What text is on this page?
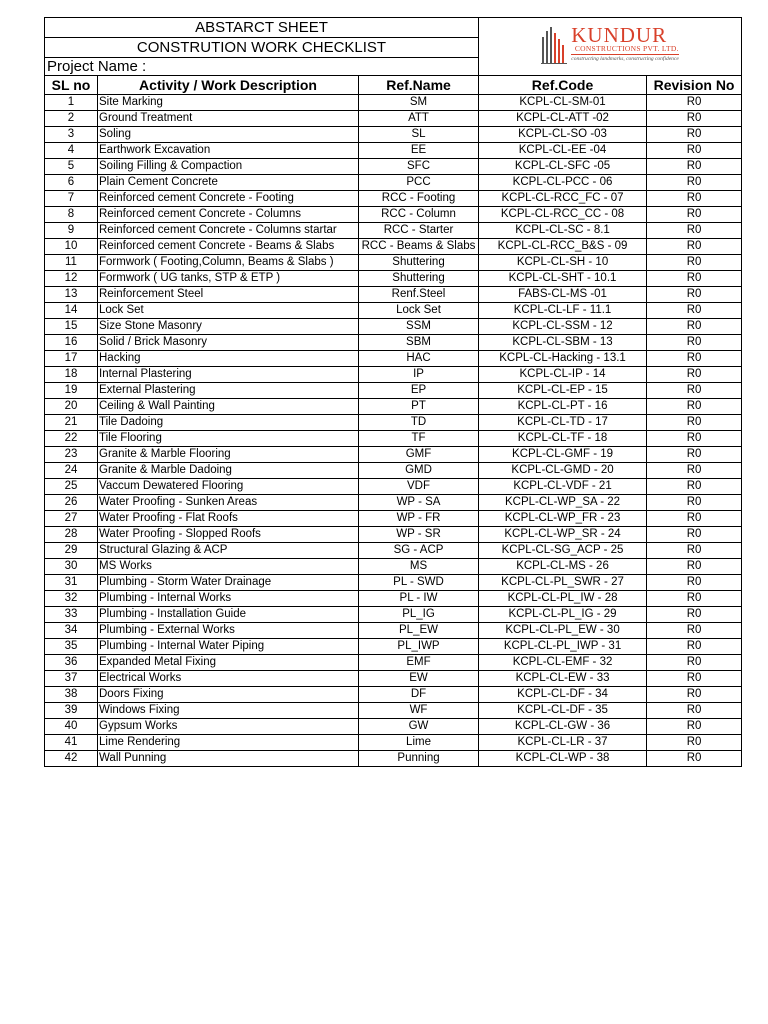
ABSTARCT SHEET			KUNDUR
CONSTRUCTIONS PVT. LTD.
constructing landmarks, constructing confidence	

CONSTRUTION WORK CHECKLIST				
Project Name :				
SL no	Activity / Work Description	Ref.Name	Ref.Code	Revision No
1	Site Marking	SM	KCPL-CL-SM-01	R0
2	Ground Treatment	ATT	KCPL-CL-ATT -02	R0
3	Soling	SL	KCPL-CL-SO -03	R0
4	Earthwork Excavation	EE	KCPL-CL-EE -04	R0
5	Soiling Filling & Compaction	SFC	KCPL-CL-SFC -05	R0
6	Plain Cement Concrete	PCC	KCPL-CL-PCC - 06	R0
7	Reinforced cement Concrete - Footing	RCC - Footing	KCPL-CL-RCC_FC - 07	R0
8	Reinforced cement Concrete - Columns	RCC - Column	KCPL-CL-RCC_CC - 08	R0
9	Reinforced cement Concrete - Columns startar	RCC - Starter	KCPL-CL-SC - 8.1	R0
10	Reinforced cement Concrete - Beams & Slabs	RCC - Beams & Slabs	KCPL-CL-RCC_B&S - 09	R0
11	Formwork ( Footing,Column, Beams & Slabs )	Shuttering	KCPL-CL-SH - 10	R0
12	Formwork ( UG tanks, STP & ETP )	Shuttering	KCPL-CL-SHT - 10.1	R0
13	Reinforcement Steel	Renf.Steel	FABS-CL-MS -01	R0
14	Lock Set	Lock Set	KCPL-CL-LF - 11.1	R0
15	Size Stone Masonry	SSM	KCPL-CL-SSM - 12	R0
16	Solid / Brick Masonry	SBM	KCPL-CL-SBM - 13	R0
17	Hacking	HAC	KCPL-CL-Hacking - 13.1	R0
18	Internal Plastering	IP	KCPL-CL-IP - 14	R0
19	External Plastering	EP	KCPL-CL-EP - 15	R0
20	Ceiling & Wall Painting	PT	KCPL-CL-PT - 16	R0
21	Tile Dadoing	TD	KCPL-CL-TD - 17	R0
22	Tile Flooring	TF	KCPL-CL-TF - 18	R0
23	Granite & Marble Flooring	GMF	KCPL-CL-GMF - 19	R0
24	Granite & Marble Dadoing	GMD	KCPL-CL-GMD - 20	R0
25	Vaccum Dewatered Flooring	VDF	KCPL-CL-VDF - 21	R0
26	Water Proofing - Sunken Areas	WP - SA	KCPL-CL-WP_SA - 22	R0
27	Water Proofing - Flat Roofs	WP - FR	KCPL-CL-WP_FR - 23	R0
28	Water Proofing - Slopped Roofs	WP - SR	KCPL-CL-WP_SR - 24	R0
29	Structural Glazing & ACP	SG - ACP	KCPL-CL-SG_ACP - 25	R0
30	MS Works	MS	KCPL-CL-MS - 26	R0
31	Plumbing - Storm Water Drainage	PL - SWD	KCPL-CL-PL_SWR - 27	R0
32	Plumbing - Internal Works	PL - IW	KCPL-CL-PL_IW - 28	R0
33	Plumbing - Installation Guide	PL_IG	KCPL-CL-PL_IG - 29	R0
34	Plumbing - External Works	PL_EW	KCPL-CL-PL_EW - 30	R0
35	Plumbing - Internal Water Piping	PL_IWP	KCPL-CL-PL_IWP - 31	R0
36	Expanded Metal Fixing	EMF	KCPL-CL-EMF - 32	R0
37	Electrical Works	EW	KCPL-CL-EW - 33	R0
38	Doors Fixing	DF	KCPL-CL-DF - 34	R0
39	Windows Fixing	WF	KCPL-CL-DF - 35	R0
40	Gypsum Works	GW	KCPL-CL-GW - 36	R0
41	Lime Rendering	Lime	KCPL-CL-LR - 37	R0
42	Wall Punning	Punning	KCPL-CL-WP - 38	R0
